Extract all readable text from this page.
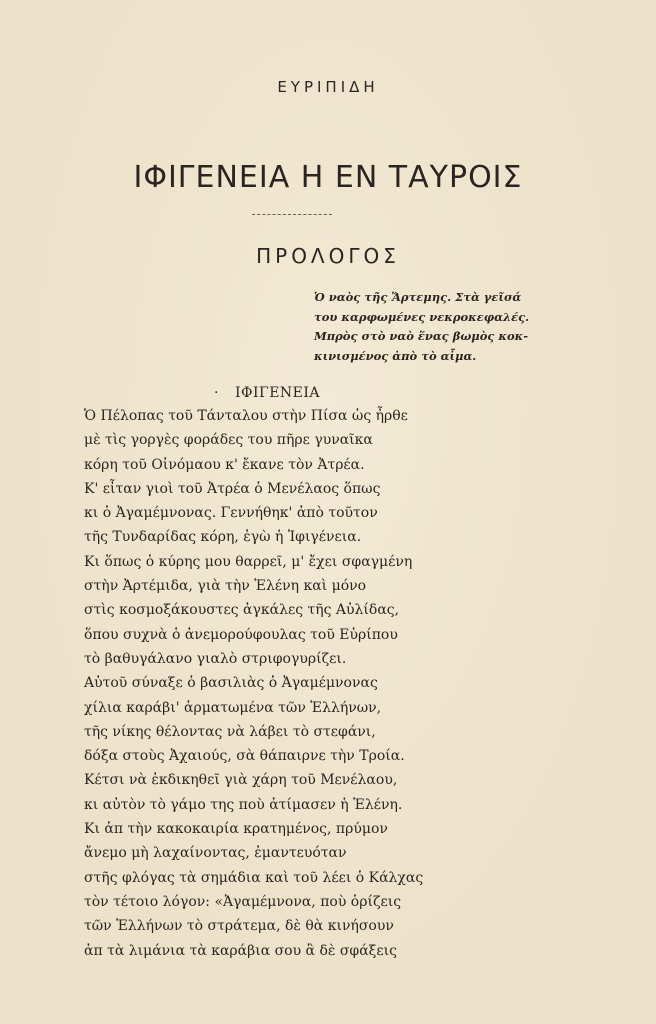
ΕΥΡΙΠΙΔΗ
ΙΦΙΓΕΝΕΙΑ Η ΕΝ ΤΑΥΡΟΙΣ
ΠΡΟΛΟΓΟΣ
Ὁ ναὸς τῆς Ἄρτεμης. Στὰ γεῖσά
του καρφωμένες νεκροκεφαλές.
Μπρὸς στὸ ναὸ ἕνας βωμὸς κοκ-
κινισμένος ἀπὸ τὸ αἷμα.
· ΙΦΙΓΕΝΕΙΑ
Ὁ Πέλοπας τοῦ Τάνταλου στὴν Πίσα ὡς ἦρθε
μὲ τὶς γοργὲς φοράδες του πῆρε γυναῖκα
κόρη τοῦ Οἰνόμαου κ' ἔκανε τὸν Ἀτρέα.
Κ' εἶταν γιοὶ τοῦ Ἀτρέα ὁ Μενέλαος ὅπως
κι ὁ Ἀγαμέμνονας. Γεννήθηκ' ἀπὸ τοῦτον
τῆς Τυνδαρίδας κόρη, ἐγὼ ἡ Ἰφιγένεια.
Κι ὅπως ὁ κύρης μου θαρρεῖ, μ' ἔχει σφαγμένη
στὴν Ἀρτέμιδα, γιὰ τὴν Ἑλένη καὶ μόνο
στὶς κοσμοξάκουστες ἀγκάλες τῆς Αὐλίδας,
ὅπου συχνὰ ὁ ἀνεμορούφουλας τοῦ Εὐρίπου
τὸ βαθυγάλανο γιαλὸ στριφογυρίζει.
Αὐτοῦ σύναξε ὁ βασιλιὰς ὁ Ἀγαμέμνονας
χίλια καράβι' ἀρματωμένα τῶν Ἑλλήνων,
τῆς νίκης θέλοντας νὰ λάβει τὸ στεφάνι,
δόξα στοὺς Ἀχαιούς, σὰ θάπαιρνε τὴν Τροία.
Κέτσι νὰ ἐκδικηθεῖ γιὰ χάρη τοῦ Μενέλαου,
κι αὐτὸν τὸ γάμο της ποὺ ἀτίμασεν ἡ Ἑλένη.
Κι ἀπ τὴν κακοκαιρία κρατημένος, πρύμον
ἄνεμο μὴ λαχαίνοντας, ἐμαντευόταν
στῆς φλόγας τὰ σημάδια καὶ τοῦ λέει ὁ Κάλχας
τὸν τέτοιο λόγον: «Ἀγαμέμνονα, ποὺ ὁρίζεις
τῶν Ἑλλήνων τὸ στράτεμα, δὲ θὰ κινήσουν
ἀπ τὰ λιμάνια τὰ καράβια σου ἂ δὲ σφάξεις
